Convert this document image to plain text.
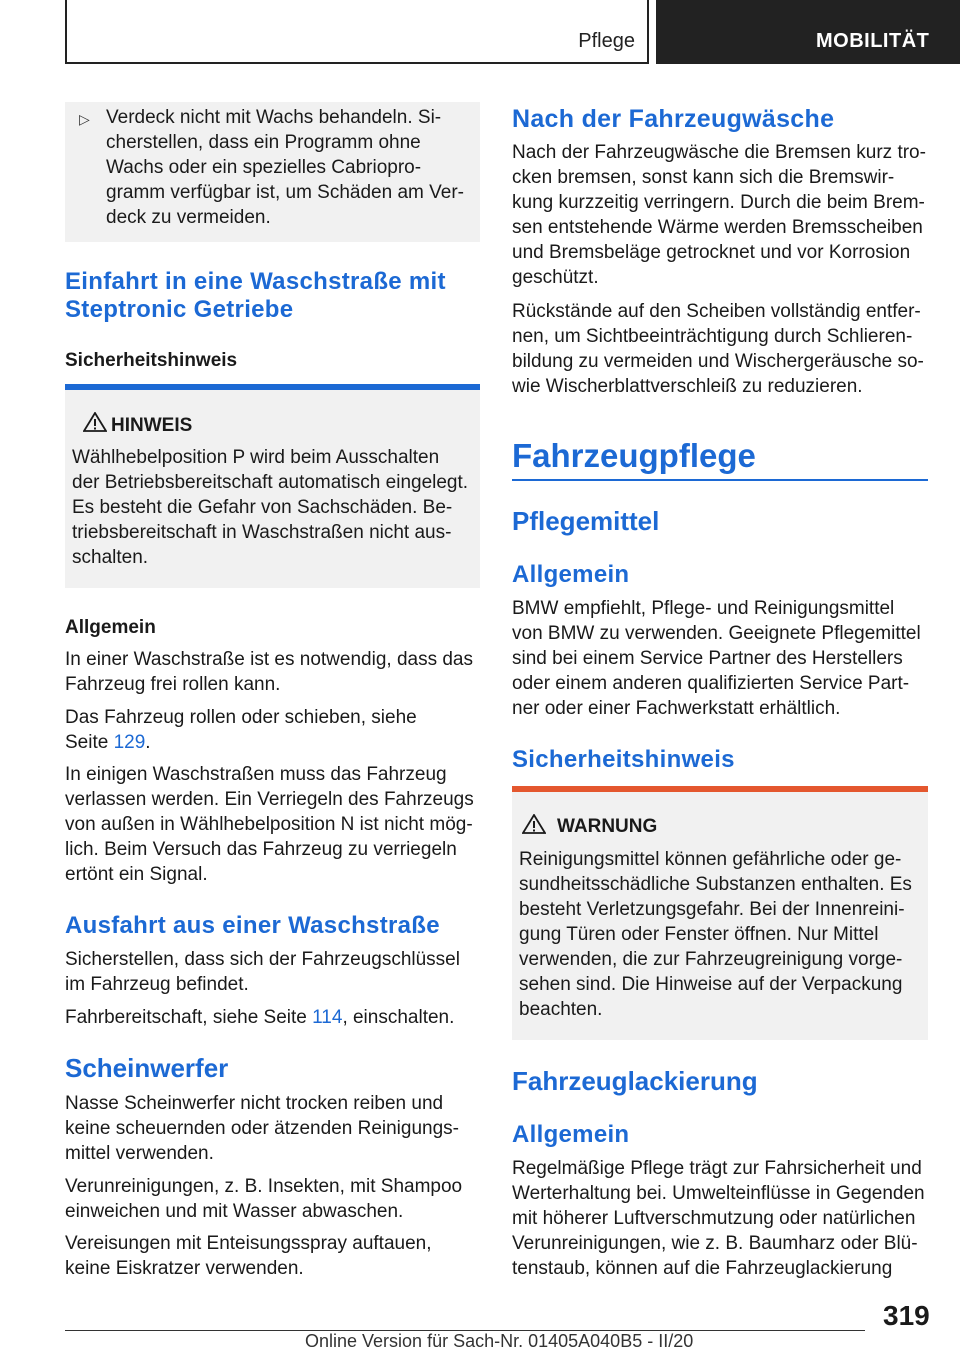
Pflege	MOBILITÄT
▷ Verdeck nicht mit Wachs behandeln. Si-

cherstellen, dass ein Programm ohne

Wachs oder ein spezielles Cabriopro-

gramm verfügbar ist, um Schäden am Ver-

deck zu vermeiden.

Einfahrt in eine Waschstraße mit

Steptronic Getriebe

Sicherheitshinweis

HINWEIS

Wählhebelposition P wird beim Ausschalten

der Betriebsbereitschaft automatisch eingelegt.

Es besteht die Gefahr von Sachschäden. Be-

triebsbereitschaft in Waschstraßen nicht aus-

schalten.

Allgemein

In einer Waschstraße ist es notwendig, dass das

Fahrzeug frei rollen kann.

Das Fahrzeug rollen oder schieben, siehe

Seite 129.

In einigen Waschstraßen muss das Fahrzeug

verlassen werden. Ein Verriegeln des Fahrzeugs

von außen in Wählhebelposition N ist nicht mög-

lich. Beim Versuch das Fahrzeug zu verriegeln

ertönt ein Signal.

Ausfahrt aus einer Waschstraße

Sicherstellen, dass sich der Fahrzeugschlüssel

im Fahrzeug befindet.

Fahrbereitschaft, siehe Seite 114, einschalten.

Scheinwerfer

Nasse Scheinwerfer nicht trocken reiben und

keine scheuernden oder ätzenden Reinigungs-

mittel verwenden.

Verunreinigungen, z. B. Insekten, mit Shampoo

einweichen und mit Wasser abwaschen.

Vereisungen mit Enteisungsspray auftauen,

keine Eiskratzer verwenden.

Nach der Fahrzeugwäsche

Nach der Fahrzeugwäsche die Bremsen kurz tro-

cken bremsen, sonst kann sich die Bremswir-

kung kurzzeitig verringern. Durch die beim Brem-

sen entstehende Wärme werden Bremsscheiben

und Bremsbeläge getrocknet und vor Korrosion

geschützt.

Rückstände auf den Scheiben vollständig entfer-

nen, um Sichtbeeinträchtigung durch Schlieren-

bildung zu vermeiden und Wischergeräusche so-

wie Wischerblattverschleiß zu reduzieren.

Fahrzeugpflege

Pflegemittel

Allgemein

BMW empfiehlt, Pflege- und Reinigungsmittel

von BMW zu verwenden. Geeignete Pflegemittel

sind bei einem Service Partner des Herstellers

oder einem anderen qualifizierten Service Part-

ner oder einer Fachwerkstatt erhältlich.

Sicherheitshinweis

WARNUNG

Reinigungsmittel können gefährliche oder ge-

sundheitsschädliche Substanzen enthalten. Es

besteht Verletzungsgefahr. Bei der Innenreini-

gung Türen oder Fenster öffnen. Nur Mittel

verwenden, die zur Fahrzeugreinigung vorge-

sehen sind. Die Hinweise auf der Verpackung

beachten.

Fahrzeuglackierung

Allgemein

Regelmäßige Pflege trägt zur Fahrsicherheit und

Werterhaltung bei. Umwelteinflüsse in Gegenden

mit höherer Luftverschmutzung oder natürlichen

Verunreinigungen, wie z. B. Baumharz oder Blü-

tenstaub, können auf die Fahrzeuglackierung

319

Online Version für Sach-Nr. 01405A040B5 - II/20
